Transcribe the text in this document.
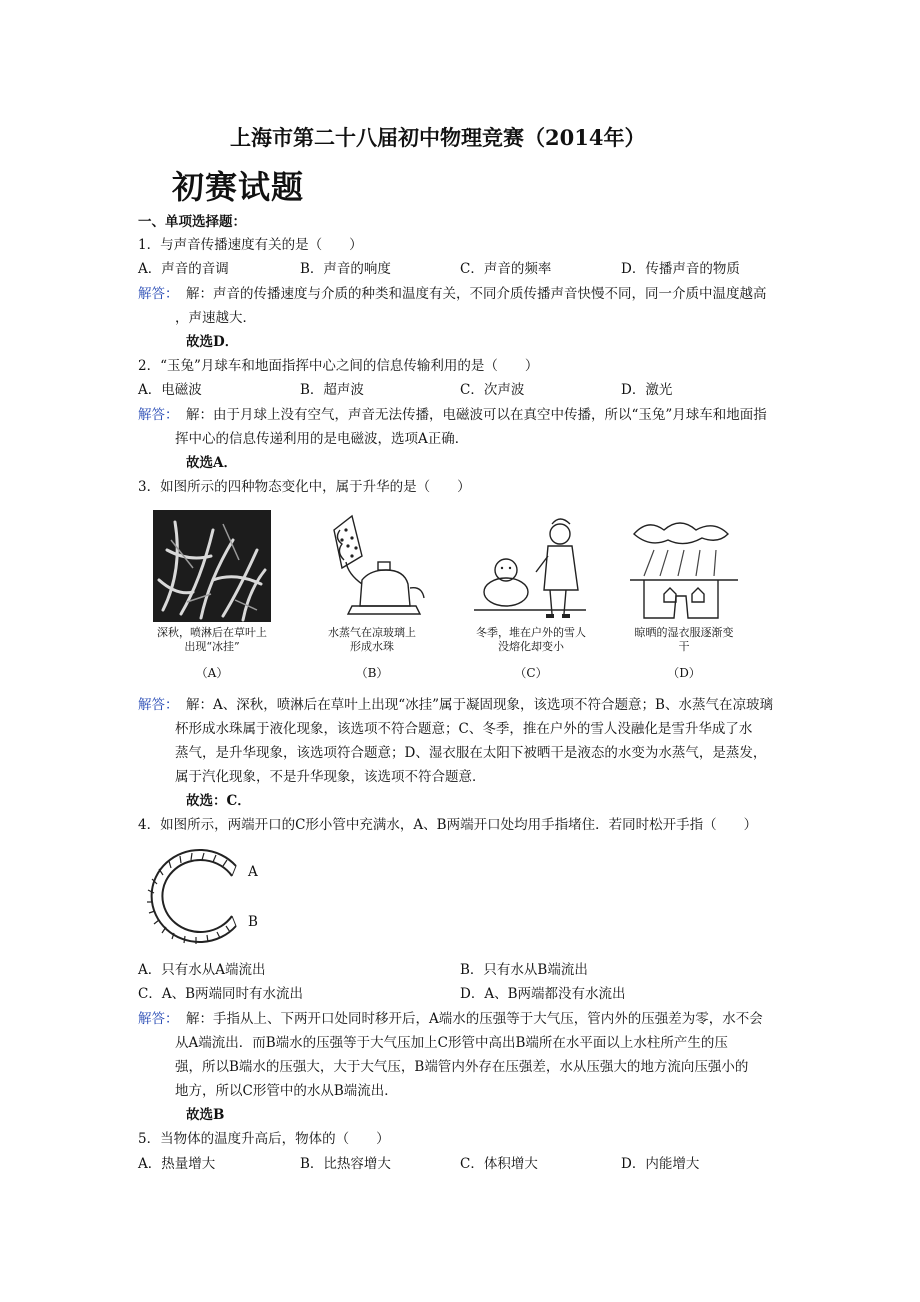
上海市第二十八届初中物理竞赛（2014年）
初赛试题
一、单项选择题：
1．与声音传播速度有关的是（　　）
A．声音的音调	B．声音的响度	C．声音的频率	D．传播声音的物质
解答： 解：声音的传播速度与介质的种类和温度有关，不同介质传播声音快慢不同，同一介质中温度越高
，声速越大．
故选D．
2．“玉兔”月球车和地面指挥中心之间的信息传输利用的是（　　）
A．电磁波	B．超声波	C．次声波	D．激光
解答： 解：由于月球上没有空气，声音无法传播，电磁波可以在真空中传播，所以“玉兔”月球车和地面指
挥中心的信息传递利用的是电磁波，选项A正确．
故选A．
3．如图所示的四种物态变化中，属于升华的是（　　）
深秋，喷淋后在草叶上出现“冰挂”
（A）
水蒸气在凉玻璃上形成水珠
（B）
冬季，堆在户外的雪人没熔化却变小
（C）
晾晒的湿衣服逐渐变干
（D）
解答： 解：A、深秋，喷淋后在草叶上出现“冰挂”属于凝固现象，该选项不符合题意；B、水蒸气在凉玻璃
杯形成水珠属于液化现象，该选项不符合题意；C、冬季，推在户外的雪人没融化是雪升华成了水
蒸气，是升华现象，该选项符合题意；D、湿衣服在太阳下被晒干是液态的水变为水蒸气，是蒸发，
属于汽化现象，不是升华现象，该选项不符合题意．
故选：C．
4．如图所示，两端开口的C形小管中充满水，A、B两端开口处均用手指堵住．若同时松开手指（　　）
A
B
A．只有水从A端流出	B．只有水从B端流出
C．A、B两端同时有水流出	D．A、B两端都没有水流出
解答： 解：手指从上、下两开口处同时移开后，A端水的压强等于大气压，管内外的压强差为零，水不会
从A端流出．而B端水的压强等于大气压加上C形管中高出B端所在水平面以上水柱所产生的压
强，所以B端水的压强大，大于大气压，B端管内外存在压强差，水从压强大的地方流向压强小的
地方，所以C形管中的水从B端流出．
故选B
5．当物体的温度升高后，物体的（　　）
A．热量增大	B．比热容增大	C．体积增大	D．内能增大
